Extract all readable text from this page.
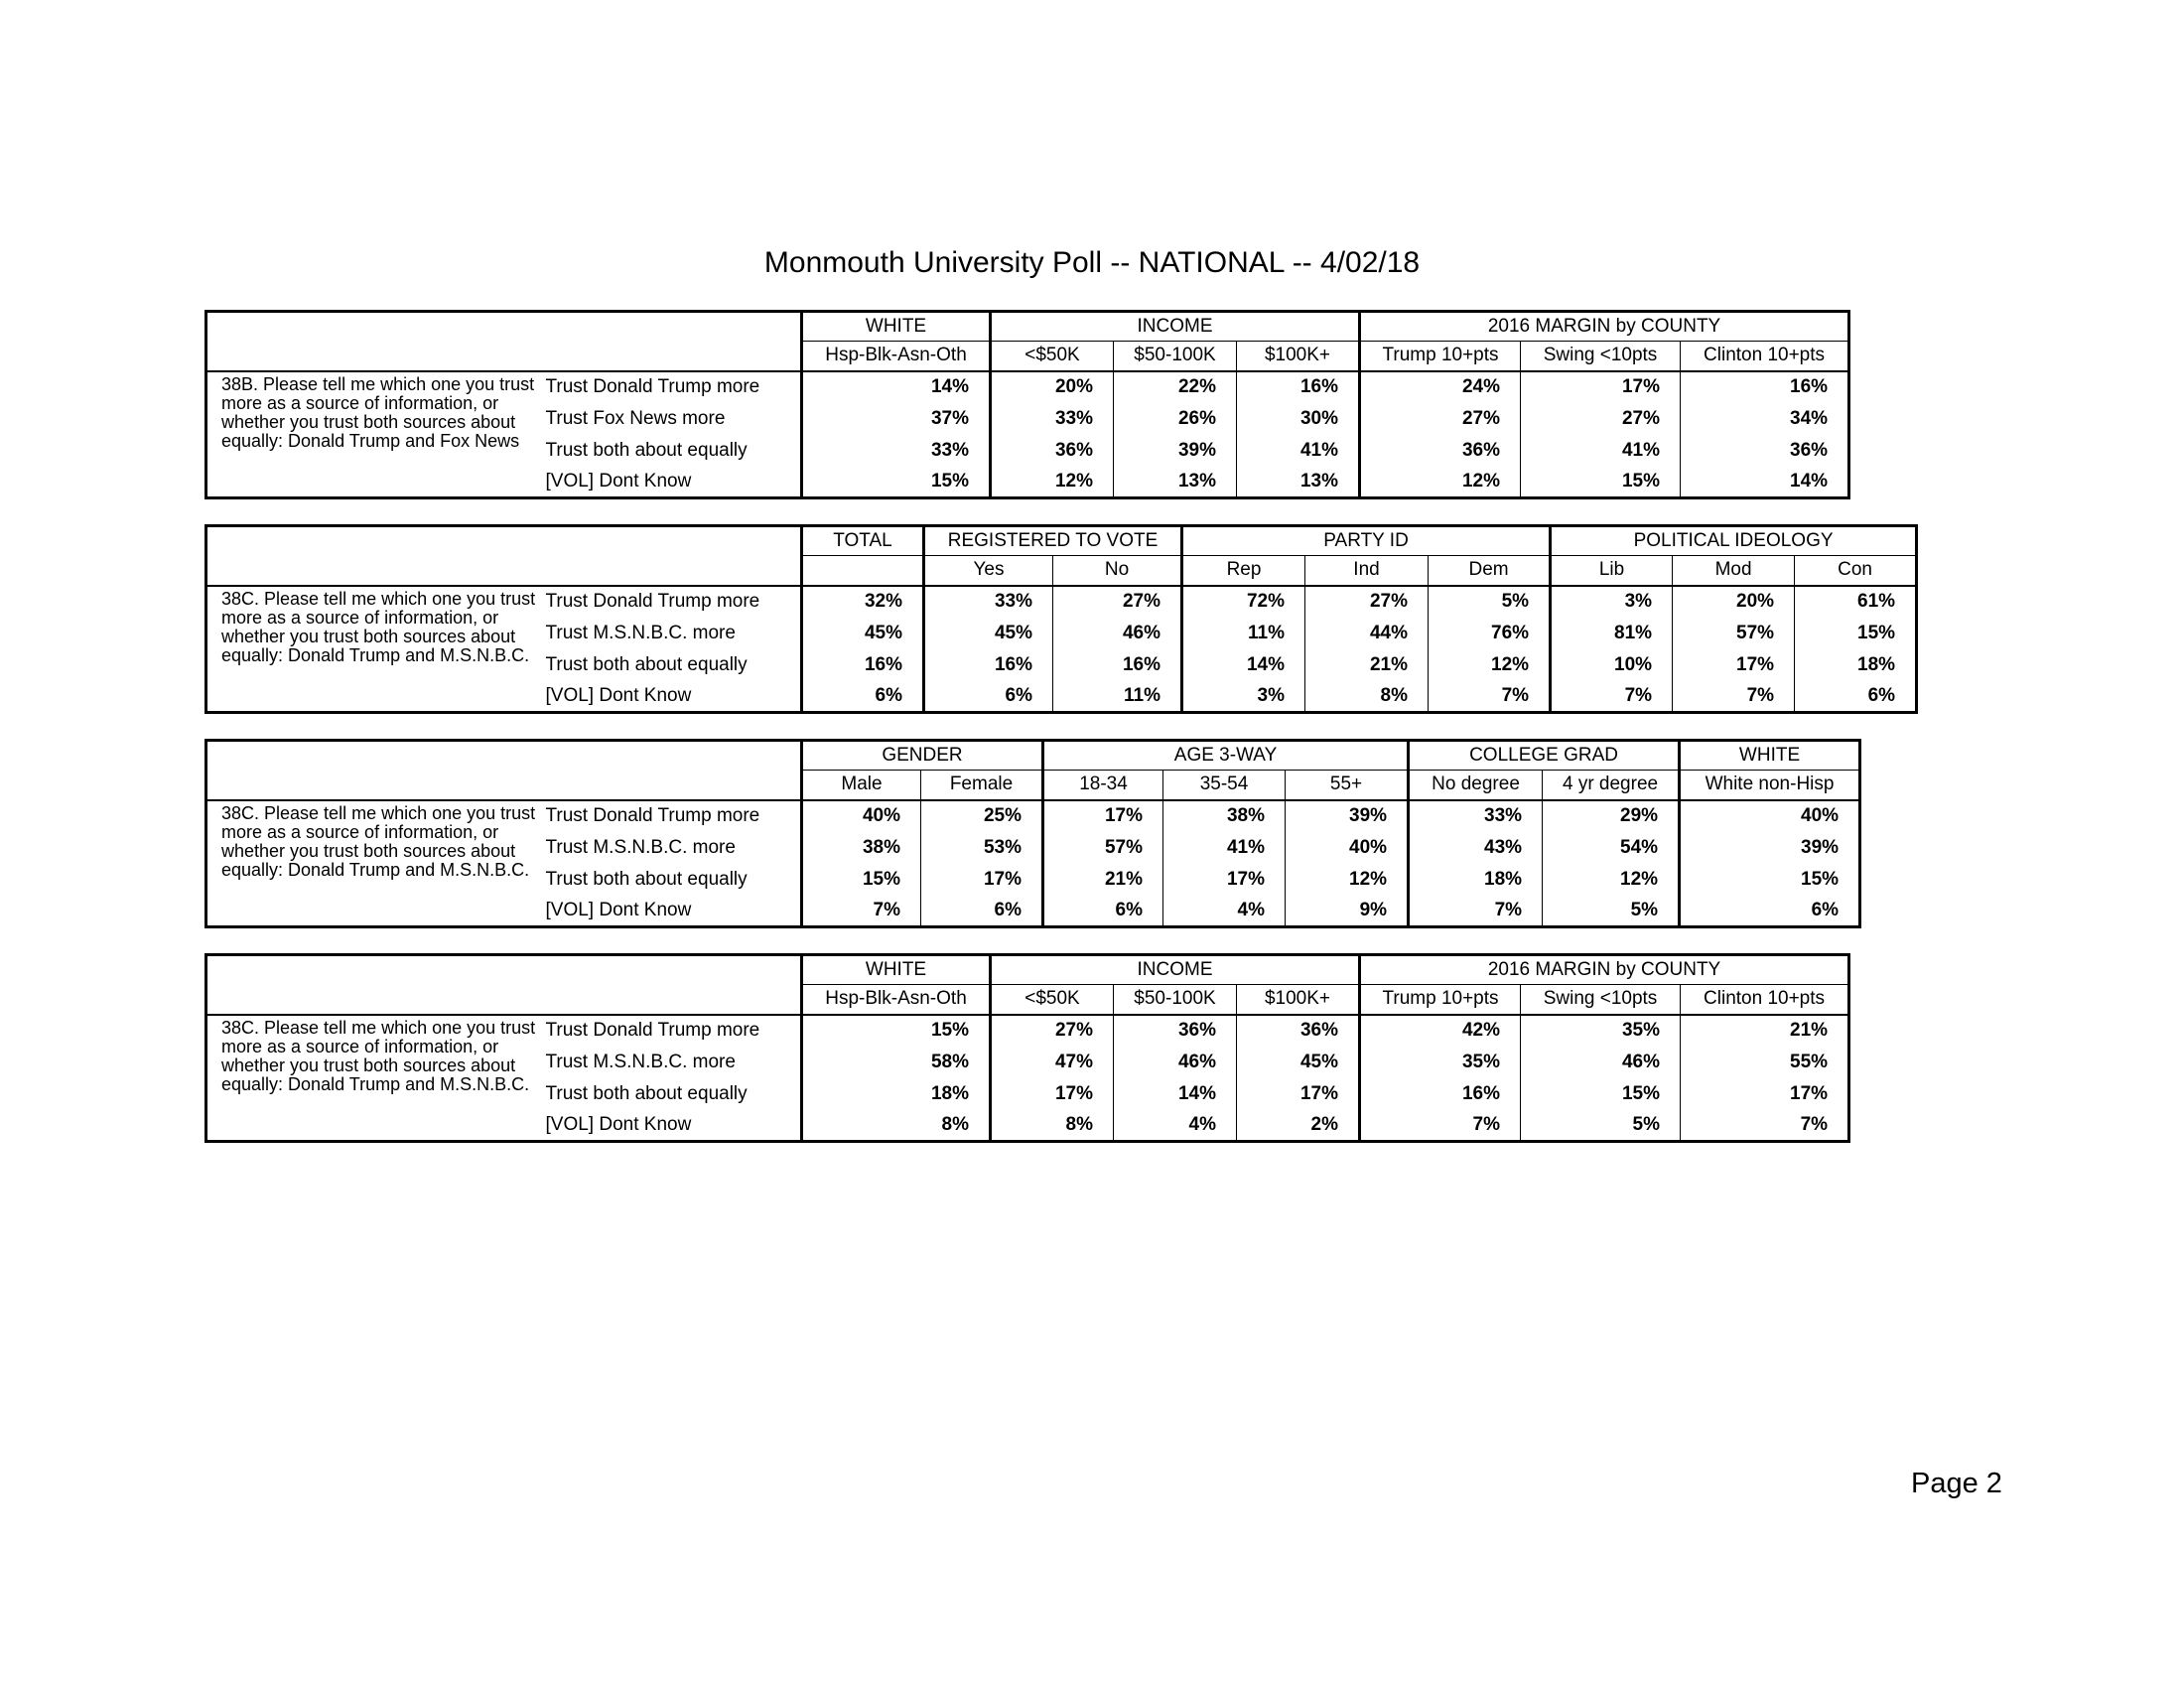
Monmouth University Poll -- NATIONAL -- 4/02/18
		WHITE	INCOME			2016 MARGIN by COUNTY		
		Hsp-Blk-Asn-Oth	<$50K	$50-100K	$100K+	Trump 10+pts	Swing <10pts	Clinton 10+pts
38B. Please tell me which one you trust more as a source of information, or whether you trust both sources about equally: Donald Trump and Fox News	Trust Donald Trump more	14%	20%	22%	16%	24%	17%	16%
	Trust Fox News more	37%	33%	26%	30%	27%	27%	34%
	Trust both about equally	33%	36%	39%	41%	36%	41%	36%
	[VOL] Dont Know	15%	12%	13%	13%	12%	15%	14%
		TOTAL	REGISTERED TO VOTE		PARTY ID			POLITICAL IDEOLOGY		
			Yes	No	Rep	Ind	Dem	Lib	Mod	Con
38C. Please tell me which one you trust more as a source of information, or whether you trust both sources about equally: Donald Trump and M.S.N.B.C.	Trust Donald Trump more	32%	33%	27%	72%	27%	5%	3%	20%	61%
	Trust M.S.N.B.C. more	45%	45%	46%	11%	44%	76%	81%	57%	15%
	Trust both about equally	16%	16%	16%	14%	21%	12%	10%	17%	18%
	[VOL] Dont Know	6%	6%	11%	3%	8%	7%	7%	7%	6%
		GENDER		AGE 3-WAY			COLLEGE GRAD		WHITE
		Male	Female	18-34	35-54	55+	No degree	4 yr degree	White non-Hisp
38C. Please tell me which one you trust more as a source of information, or whether you trust both sources about equally: Donald Trump and M.S.N.B.C.	Trust Donald Trump more	40%	25%	17%	38%	39%	33%	29%	40%
	Trust M.S.N.B.C. more	38%	53%	57%	41%	40%	43%	54%	39%
	Trust both about equally	15%	17%	21%	17%	12%	18%	12%	15%
	[VOL] Dont Know	7%	6%	6%	4%	9%	7%	5%	6%
		WHITE	INCOME			2016 MARGIN by COUNTY		
		Hsp-Blk-Asn-Oth	<$50K	$50-100K	$100K+	Trump 10+pts	Swing <10pts	Clinton 10+pts
38C. Please tell me which one you trust more as a source of information, or whether you trust both sources about equally: Donald Trump and M.S.N.B.C.	Trust Donald Trump more	15%	27%	36%	36%	42%	35%	21%
	Trust M.S.N.B.C. more	58%	47%	46%	45%	35%	46%	55%
	Trust both about equally	18%	17%	14%	17%	16%	15%	17%
	[VOL] Dont Know	8%	8%	4%	2%	7%	5%	7%
Page 2
